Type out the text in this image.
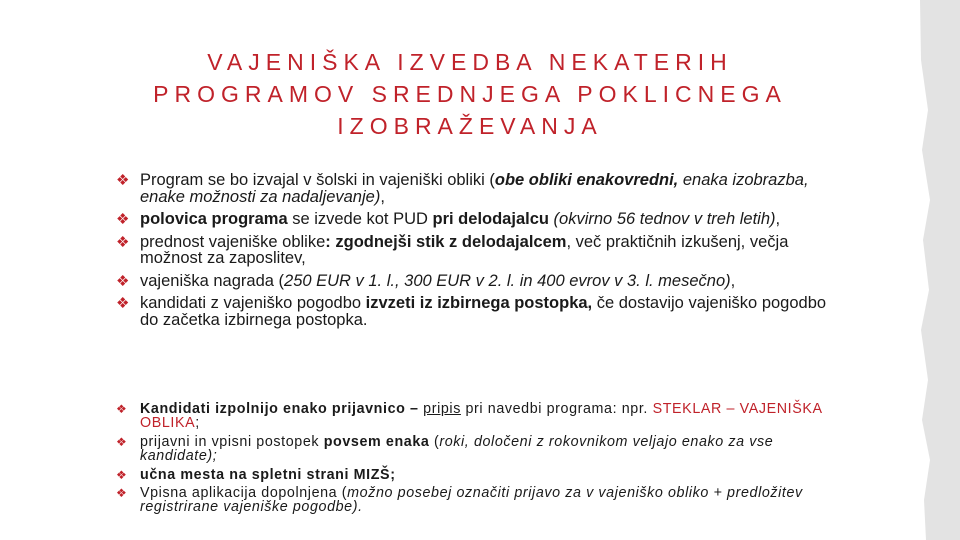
VAJENIŠKA IZVEDBA NEKATERIH
PROGRAMOV SREDNJEGA POKLICNEGA
IZOBRAŽEVANJA
❖ Program se bo izvajal v šolski in vajeniški obliki (obe obliki enakovredni, enaka izobrazba, enake možnosti za nadaljevanje),
❖ polovica programa se izvede kot PUD pri delodajalcu (okvirno 56 tednov v treh letih),
❖ prednost vajeniške oblike: zgodnejši stik z delodajalcem, več praktičnih izkušenj, večja možnost za zaposlitev,
❖ vajeniška nagrada (250 EUR v 1. l., 300 EUR v 2. l. in 400 evrov v 3. l. mesečno),
❖ kandidati z vajeniško pogodbo izvzeti iz izbirnega postopka, če dostavijo vajeniško pogodbo do začetka izbirnega postopka.
❖ Kandidati izpolnijo enako prijavnico – pripis pri navedbi programa: npr. STEKLAR – VAJENIŠKA OBLIKA;
❖ prijavni in vpisni postopek povsem enaka (roki, določeni z rokovnikom veljajo enako za vse kandidate);
❖ učna mesta na spletni strani MIZŠ;
❖ Vpisna aplikacija dopolnjena (možno posebej označiti prijavo za v vajeniško obliko + predložitev registrirane vajeniške pogodbe).
